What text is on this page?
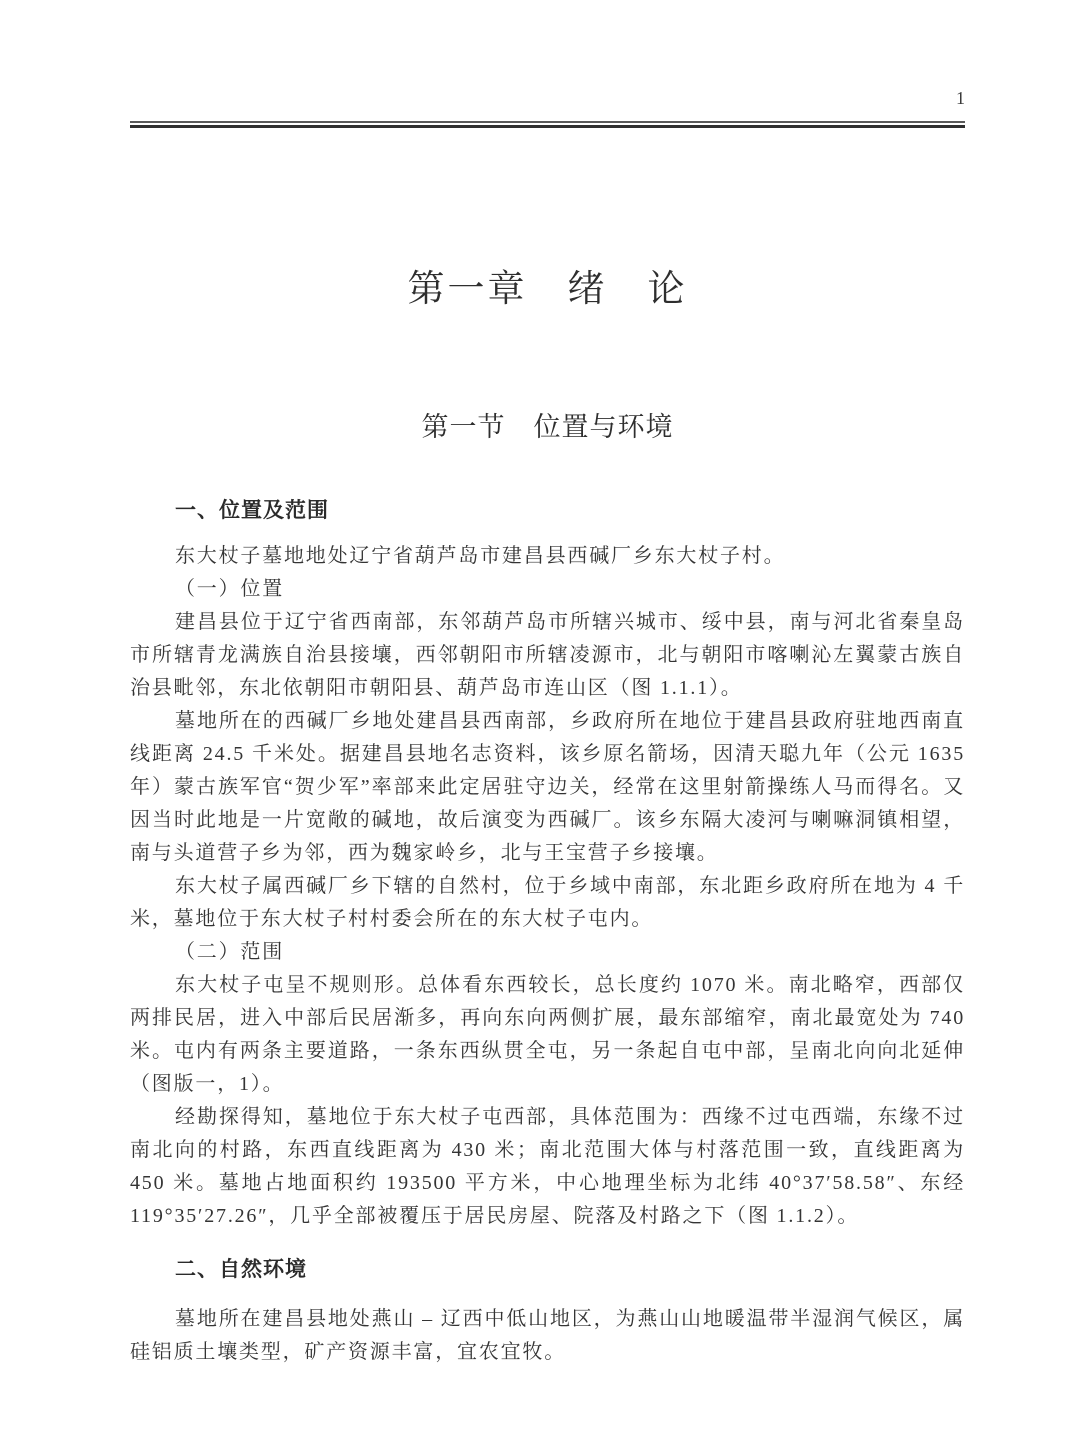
1
第一章　绪　论
第一节　位置与环境
一、位置及范围

东大杖子墓地地处辽宁省葫芦岛市建昌县西碱厂乡东大杖子村。

（一）位置

建昌县位于辽宁省西南部，东邻葫芦岛市所辖兴城市、绥中县，南与河北省秦皇岛市所辖青龙满族自治县接壤，西邻朝阳市所辖凌源市，北与朝阳市喀喇沁左翼蒙古族自治县毗邻，东北依朝阳市朝阳县、葫芦岛市连山区（图 1.1.1）。

墓地所在的西碱厂乡地处建昌县西南部，乡政府所在地位于建昌县政府驻地西南直线距离 24.5 千米处。据建昌县地名志资料，该乡原名箭场，因清天聪九年（公元 1635 年）蒙古族军官“贺少军”率部来此定居驻守边关，经常在这里射箭操练人马而得名。又因当时此地是一片宽敞的碱地，故后演变为西碱厂。该乡东隔大凌河与喇嘛洞镇相望，南与头道营子乡为邻，西为魏家岭乡，北与王宝营子乡接壤。

东大杖子属西碱厂乡下辖的自然村，位于乡域中南部，东北距乡政府所在地为 4 千米，墓地位于东大杖子村村委会所在的东大杖子屯内。

（二）范围

东大杖子屯呈不规则形。总体看东西较长，总长度约 1070 米。南北略窄，西部仅两排民居，进入中部后民居渐多，再向东向两侧扩展，最东部缩窄，南北最宽处为 740 米。屯内有两条主要道路，一条东西纵贯全屯，另一条起自屯中部，呈南北向向北延伸（图版一，1）。

经勘探得知，墓地位于东大杖子屯西部，具体范围为：西缘不过屯西端，东缘不过南北向的村路，东西直线距离为 430 米；南北范围大体与村落范围一致，直线距离为 450 米。墓地占地面积约 193500 平方米，中心地理坐标为北纬 40°37′58.58″、东经 119°35′27.26″，几乎全部被覆压于居民房屋、院落及村路之下（图 1.1.2）。

二、自然环境

墓地所在建昌县地处燕山 – 辽西中低山地区，为燕山山地暖温带半湿润气候区，属硅铝质土壤类型，矿产资源丰富，宜农宜牧。
